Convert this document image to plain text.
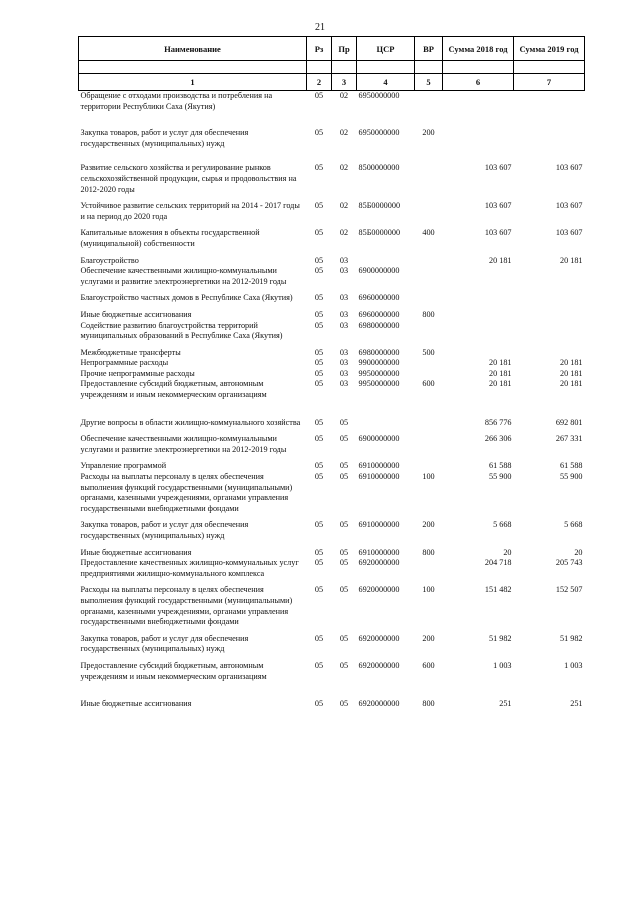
21
Наименование	Рз	Пр	ЦСР	ВР	Сумма 2018 год	Сумма 2019 год

1	2	3	4	5	6	7
Обращение с отходами производства и потребления на территории Республики Саха (Якутия)	05	02	6950000000			
Закупка товаров, работ и услуг для обеспечения государственных (муниципальных) нужд	05	02	6950000000	200		
Развитие сельского хозяйства и регулирование рынков сельскохозяйственной продукции, сырья и продовольствия на 2012-2020 годы	05	02	8500000000		103 607	103 607
Устойчивое развитие сельских территорий на 2014 - 2017 годы и на период до 2020 года	05	02	85Б0000000		103 607	103 607
Капитальные вложения в объекты государственной (муниципальной) собственности	05	02	85Б0000000	400	103 607	103 607
Благоустройство	05	03			20 181	20 181
Обеспечение качественными жилищно-коммунальными услугами и развитие электроэнергетики на 2012-2019 годы	05	03	6900000000			
Благоустройство частных домов в Республике Саха (Якутия)	05	03	6960000000			
Иные бюджетные ассигнования	05	03	6960000000	800		
Содействие развитию благоустройства территорий муниципальных образований в Республике Саха (Якутия)	05	03	6980000000			
Межбюджетные трансферты	05	03	6980000000	500		
Непрограммные расходы	05	03	9900000000		20 181	20 181
Прочие непрограммные расходы	05	03	9950000000		20 181	20 181
Предоставление субсидий бюджетным, автономным учреждениям и иным некоммерческим организациям	05	03	9950000000	600	20 181	20 181
Другие вопросы в области жилищно-коммунального хозяйства	05	05			856 776	692 801
Обеспечение качественными жилищно-коммунальными услугами и развитие электроэнергетики на 2012-2019 годы	05	05	6900000000		266 306	267 331
Управление программой	05	05	6910000000		61 588	61 588
Расходы на выплаты персоналу в целях обеспечения выполнения функций государственными (муниципальными) органами, казенными учреждениями, органами управления государственными внебюджетными фондами	05	05	6910000000	100	55 900	55 900
Закупка товаров, работ и услуг для обеспечения государственных (муниципальных) нужд	05	05	6910000000	200	5 668	5 668
Иные бюджетные ассигнования	05	05	6910000000	800	20	20
Предоставление качественных жилищно-коммунальных услуг предприятиями жилищно-коммунального комплекса	05	05	6920000000		204 718	205 743
Расходы на выплаты персоналу в целях обеспечения выполнения функций государственными (муниципальными) органами, казенными учреждениями, органами управления государственными внебюджетными фондами	05	05	6920000000	100	151 482	152 507
Закупка товаров, работ и услуг для обеспечения государственных (муниципальных) нужд	05	05	6920000000	200	51 982	51 982
Предоставление субсидий бюджетным, автономным учреждениям и иным некоммерческим организациям	05	05	6920000000	600	1 003	1 003
Иные бюджетные ассигнования	05	05	6920000000	800	251	251
